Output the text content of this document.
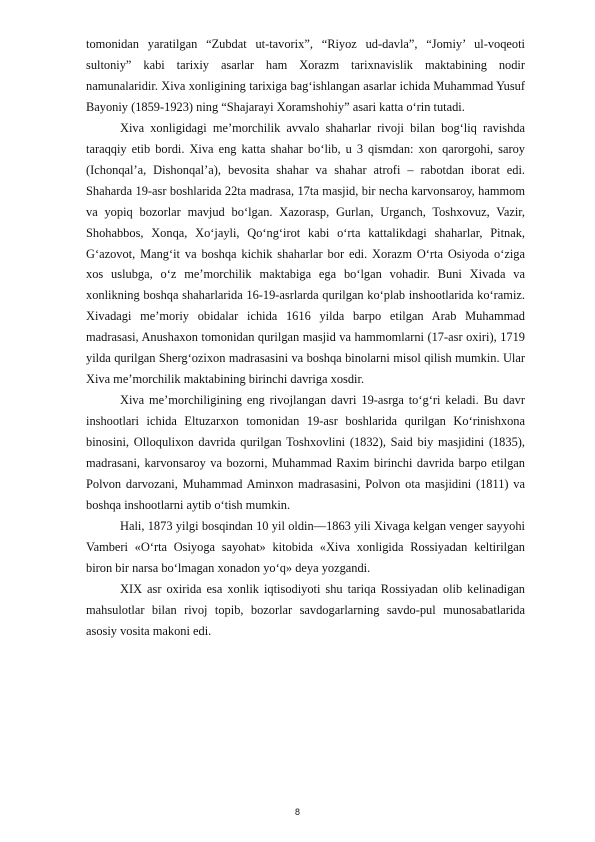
tomonidan yaratilgan “Zubdat ut-tavorix”, “Riyoz ud-davla”, “Jomiy’ ul-voqeoti sultoniy” kabi tarixiy asarlar ham Xorazm tarixnavislik maktabining nodir namunalaridir. Xiva xonligining tarixiga bag‘ishlangan asarlar ichida Muhammad Yusuf Bayoniy (1859-1923) ning “Shajarayi Xoramshohiy” asari katta o‘rin tutadi.

Xiva xonligidagi me’morchilik avvalo shaharlar rivoji bilan bog‘liq ravishda taraqqiy etib bordi. Xiva eng katta shahar bo‘lib, u 3 qismdan: xon qarorgohi, saroy (Ichonqal’a, Dishonqal’a), bevosita shahar va shahar atrofi – rabotdan iborat edi. Shaharda 19-asr boshlarida 22ta madrasa, 17ta masjid, bir necha karvonsaroy, hammom va yopiq bozorlar mavjud bo‘lgan. Xazorasp, Gurlan, Urganch, Toshxovuz, Vazir, Shohabbos, Xonqa, Xo‘jayli, Qo‘ng‘irot kabi o‘rta kattalikdagi shaharlar, Pitnak, G‘azovot, Mang‘it va boshqa kichik shaharlar bor edi. Xorazm O‘rta Osiyoda o‘ziga xos uslubga, o‘z me’morchilik maktabiga ega bo‘lgan vohadir. Buni Xivada va xonlikning boshqa shaharlarida 16-19-asrlarda qurilgan ko‘plab inshootlarida ko‘ramiz. Xivadagi me’moriy obidalar ichida 1616 yilda barpo etilgan Arab Muhammad madrasasi, Anushaxon tomonidan qurilgan masjid va hammomlarni (17-asr oxiri), 1719 yilda qurilgan Sherg‘ozixon madrasasini va boshqa binolarni misol qilish mumkin. Ular Xiva me’morchilik maktabining birinchi davriga xosdir.

Xiva me’morchiligining eng rivojlangan davri 19-asrga to‘g‘ri keladi. Bu davr inshootlari ichida Eltuzarxon tomonidan 19-asr boshlarida qurilgan Ko‘rinishxona binosini, Olloqulixon davrida qurilgan Toshxovlini (1832), Said biy masjidini (1835), madrasani, karvonsaroy va bozorni, Muhammad Raxim birinchi davrida barpo etilgan Polvon darvozani, Muhammad Aminxon madrasasini, Polvon ota masjidini (1811) va boshqa inshootlarni aytib o‘tish mumkin.

Hali, 1873 yilgi bosqindan 10 yil oldin—1863 yili Xivaga kelgan venger sayyohi Vamberi «O‘rta Osiyoga sayohat» kitobida «Xiva xonligida Rossiyadan keltirilgan biron bir narsa bo‘lmagan xonadon yo‘q» deya yozgandi.

XIX asr oxirida esa xonlik iqtisodiyoti shu tariqa Rossiyadan olib kelinadigan mahsulotlar bilan rivoj topib, bozorlar savdogarlarning savdo-pul munosabatlarida asosiy vosita makoni edi.

8
